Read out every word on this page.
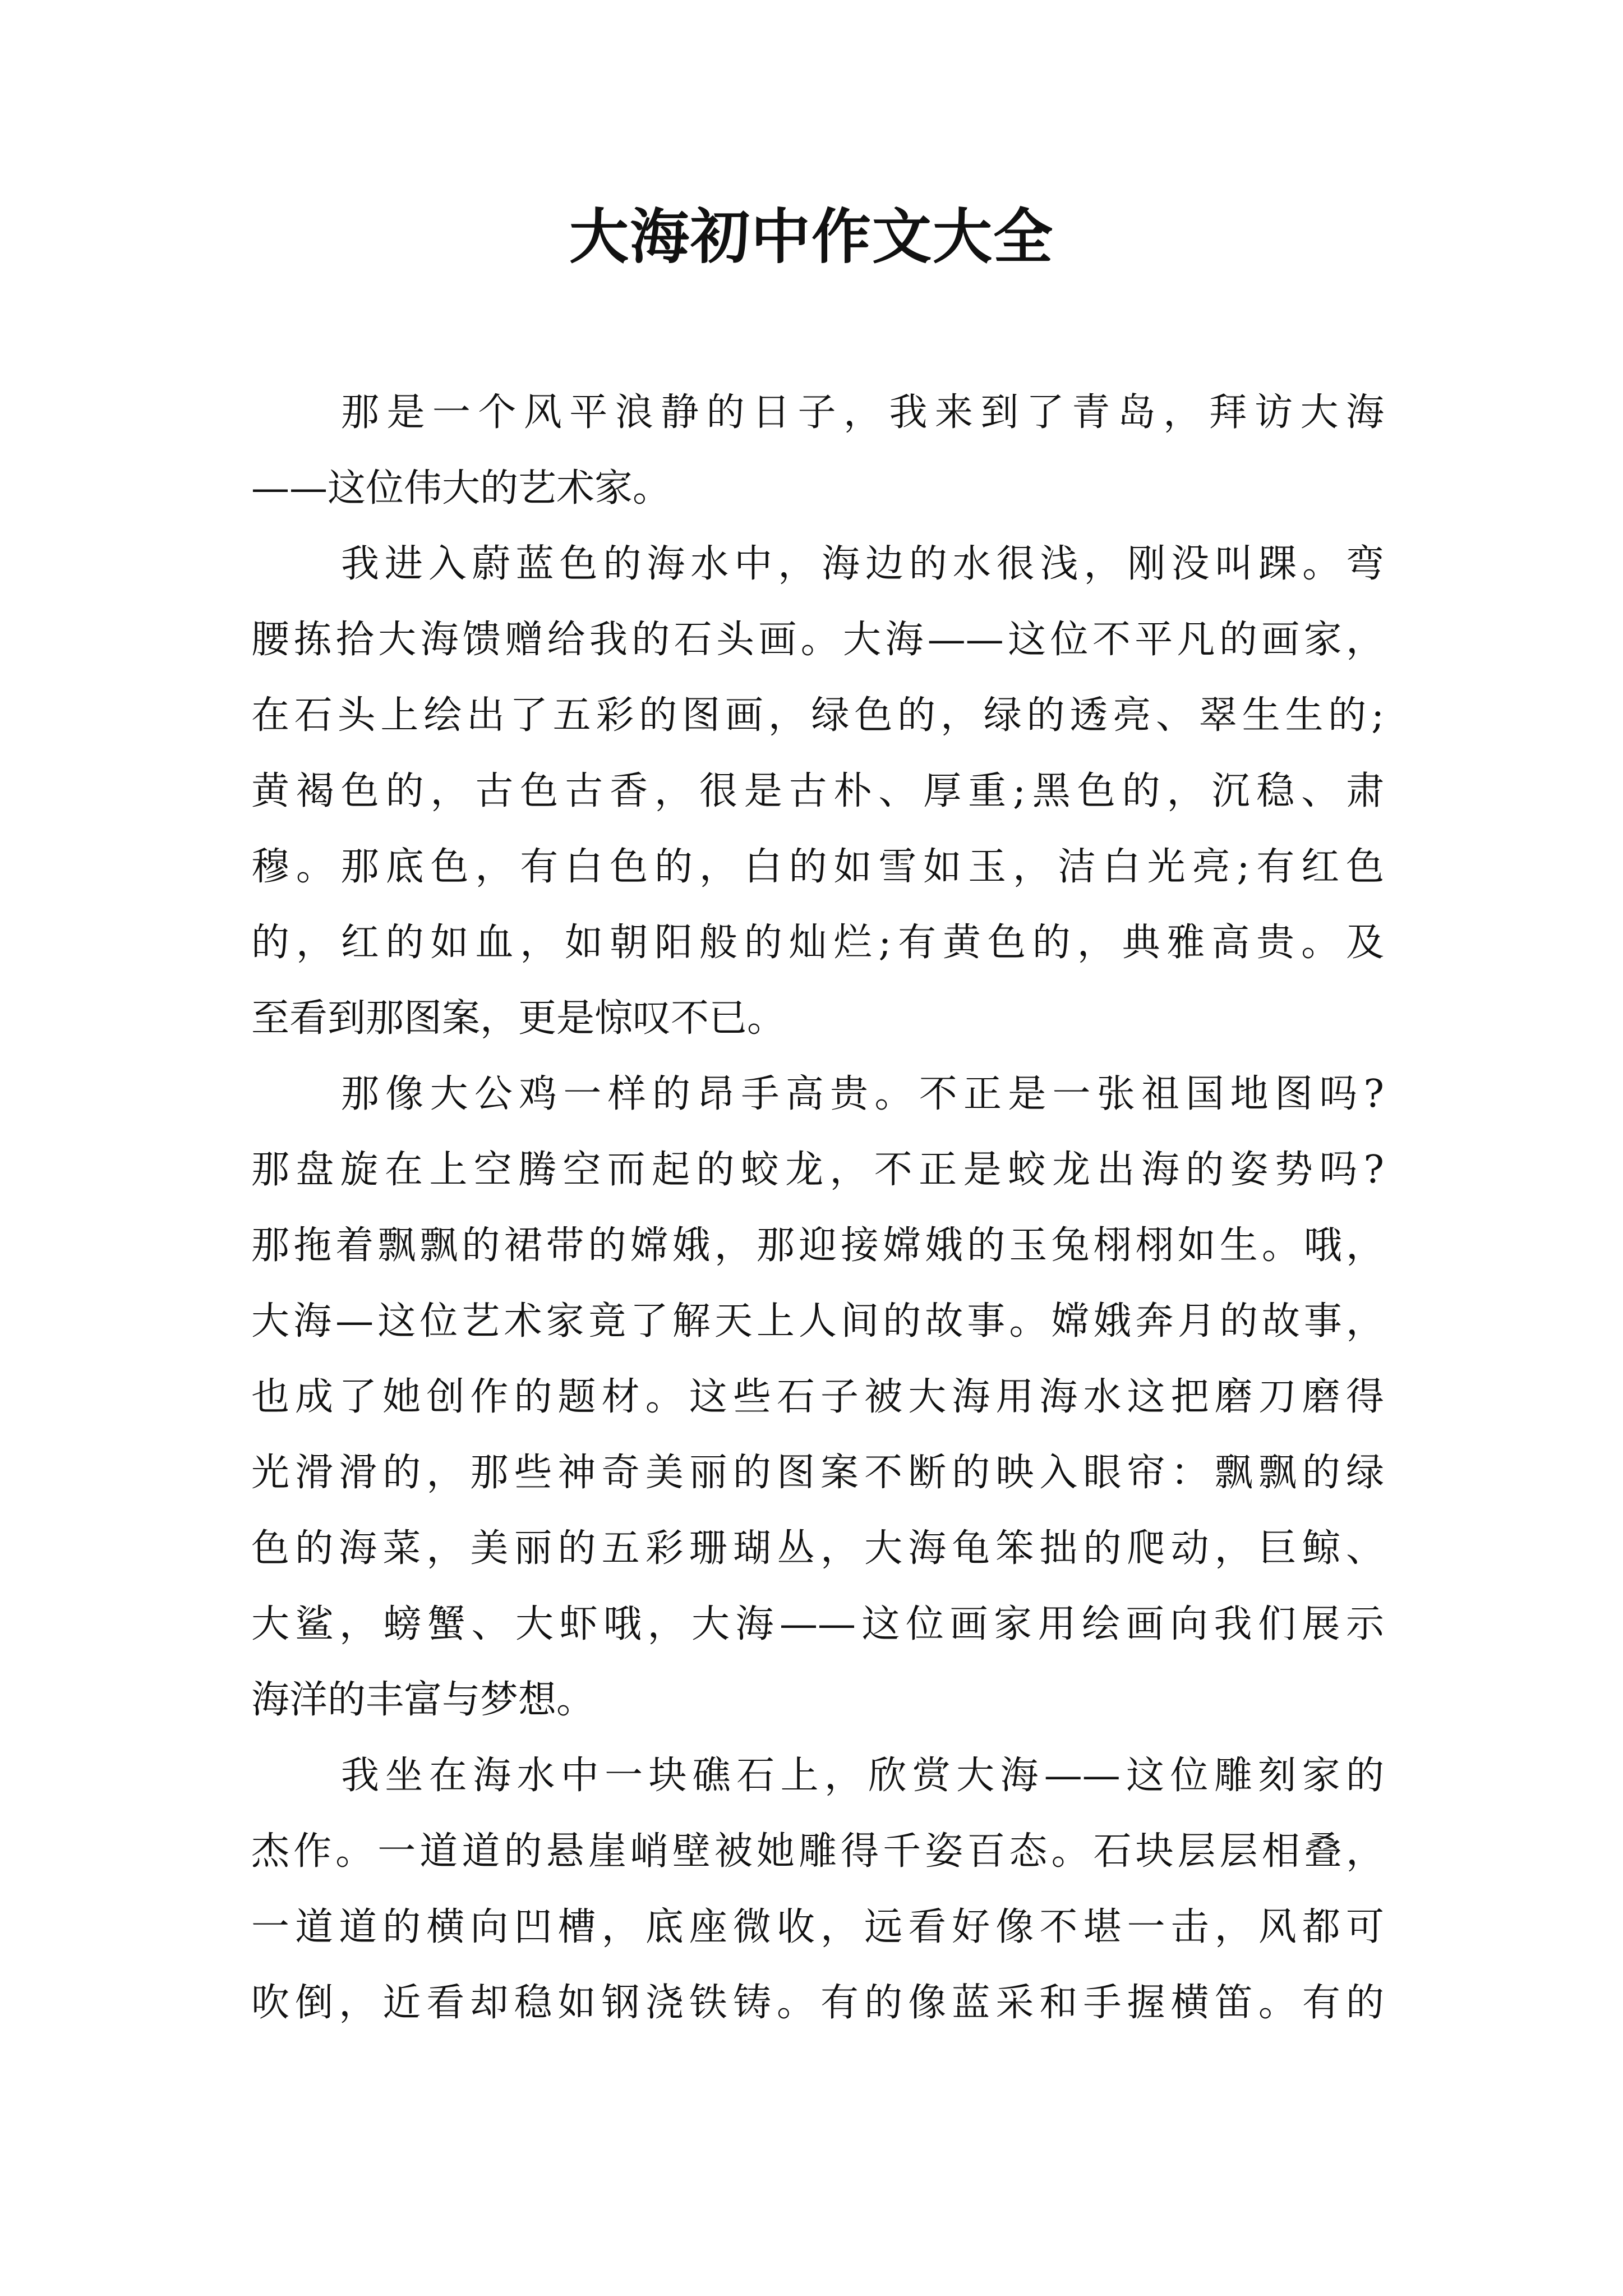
大海初中作文大全

那是一个风平浪静的日子，我来到了青岛，拜访大海

——这位伟大的艺术家。

我进入蔚蓝色的海水中，海边的水很浅，刚没叫踝。弯

腰拣拾大海馈赠给我的石头画。大海——这位不平凡的画家，

在石头上绘出了五彩的图画，绿色的，绿的透亮、翠生生的;

黄褐色的，古色古香，很是古朴、厚重;黑色的，沉稳、肃

穆。那底色，有白色的，白的如雪如玉，洁白光亮;有红色

的，红的如血，如朝阳般的灿烂;有黄色的，典雅高贵。及

至看到那图案，更是惊叹不已。

那像大公鸡一样的昂手高贵。不正是一张祖国地图吗?

那盘旋在上空腾空而起的蛟龙，不正是蛟龙出海的姿势吗?

那拖着飘飘的裙带的嫦娥，那迎接嫦娥的玉兔栩栩如生。哦，

大海—这位艺术家竟了解天上人间的故事。嫦娥奔月的故事，

也成了她创作的题材。这些石子被大海用海水这把磨刀磨得

光滑滑的，那些神奇美丽的图案不断的映入眼帘：飘飘的绿

色的海菜，美丽的五彩珊瑚丛，大海龟笨拙的爬动，巨鲸、

大鲨，螃蟹、大虾哦，大海——这位画家用绘画向我们展示

海洋的丰富与梦想。

我坐在海水中一块礁石上，欣赏大海——这位雕刻家的

杰作。一道道的悬崖峭壁被她雕得千姿百态。石块层层相叠，

一道道的横向凹槽，底座微收，远看好像不堪一击，风都可

吹倒，近看却稳如钢浇铁铸。有的像蓝采和手握横笛。有的
